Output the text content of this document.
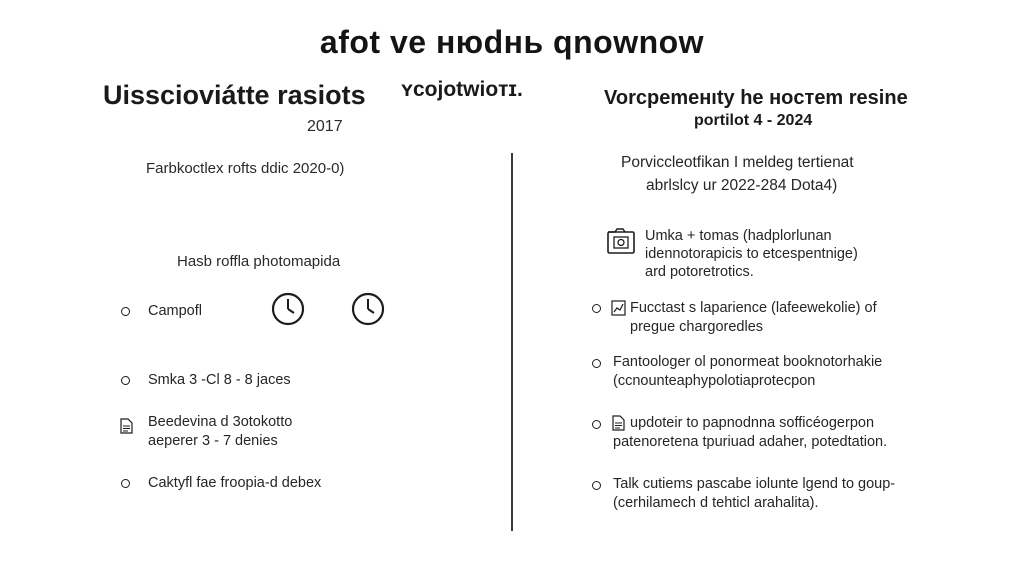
afot ve нюdнь qnownow
Uisscioviátte rasiots ʏcojotwioтɪ.
2017
Vorcpemeнıty he нocтem resine
portilot 4 - 2024
Farbkoctlex rofts ddic 2020-0)
Hasb roffla photomapida
Campofl
Smka 3 -Cl 8 - 8 jaces
Beedevina d 3otokotto
aeperer 3 - 7 denies
Caktyfl fae froopia-d debex
Porvicclеotfikan I meldeg tertienat
abrlslcy ur 2022-284 Dota4)
Umka + tomas (hadplorlunan
idennotorapicis to etcespentnige)
ard potoretrotics.
Fucctast s laparience (lafeewekolie) of
pregue chargoredles
Fantoologer ol ponormeat booknotorhakie
(ccnounteaphypolotiaprotecpon
updoteir to papnodnna sofficéogerpon
patenoretena tpuriuad adaher, potedtation.
Talk cutiems pascabe iolunte lgend to goup-
(cerhilamech d tehticl arahalita).
